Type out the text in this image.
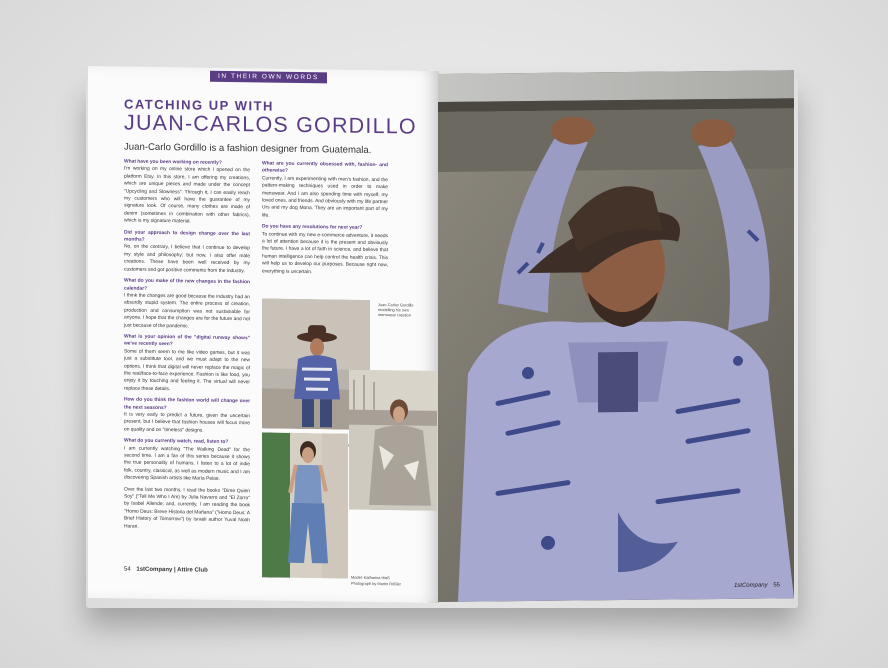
IN THEIR OWN WORDS
CATCHING UP WITH
JUAN-CARLOS GORDILLO
Juan-Carlo Gordillo is a fashion designer from Guatemala.

What have you been working on recently?
I'm working on my online store which I opened on the platform Etsy. In this store, I am offering my creations, which are unique pieces and made under the concept "Upcycling and Slowness". Through it, I can easily reach my customers who will have the guarantee of my signature look. Of course, many clothes are made of denim (sometimes in combination with other fabrics), which is my signature material.

Did your approach to design change over the last months?
No, on the contrary, I believe that I continue to develop my style and philosophy; but now, I also offer male creations. These have been well received by my customers and got positive comments from the industry.

What do you make of the new changes in the fashion calendar?
I think the changes are good because the industry had an absurdly stupid system. The entire process of creation, production and consumption was not sustainable for anyone. I hope that the changes are for the future and not just because of the pandemic.

What is your opinion of the "digital runway shows" we've recently seen?
Some of them seem to me like video games, but it was just a substitute tool, and we must adapt to the new options. I think that digital will never replace the magic of the real/face-to-face experience. Fashion is like food, you enjoy it by touching and feeling it. The virtual will never replace these details.

How do you think the fashion world will change over the next seasons?
It is very early to predict a future, given the uncertain present, but I believe that fashion houses will focus more on quality and on "timeless" designs.

What do you currently watch, read, listen to?
I am currently watching "The Walking Dead" for the second time. I am a fan of this series because it shows the true personality of humans. I listen to a lot of indie folk, country, classical, as well as modern music and I am discovering Spanish artists like María Pelae.

Over the last two months, I read the books "Dime Quien Soy" ("Tell Me Who I Am) by Julia Navarro and "El Zorro" by Isabel Allende; and, currently, I am reading the book "Homo Deus: Breve Historia del Mañana" ("Homo Deus: A Brief History of Tomorrow") by Israeli author Yuval Noah Harari.

What are you currently obsessed with, fashion- and otherwise?
Currently, I am experimenting with men's fashion, and the pattern-making techniques used in order to make menswear. And I am also spending time with myself, my loved ones, and friends. And obviously with my life partner Urs and my dog Mona. They are an important part of my life.

Do you have any resolutions for next year?
To continue with my new e-commerce adventure, it needs a lot of attention because it is the present and obviously the future. I have a lot of faith in science, and believe that human intelligence can help control the health crisis. This will help us to develop our purposes. Because right now, everything is uncertain.

Juan-Carlos Gordillo modelling his own menswear creation
Model: Katharina Hieß
Photograph by Martin Rößler
54 1stCompany | Attire Club
1stCompany 55
